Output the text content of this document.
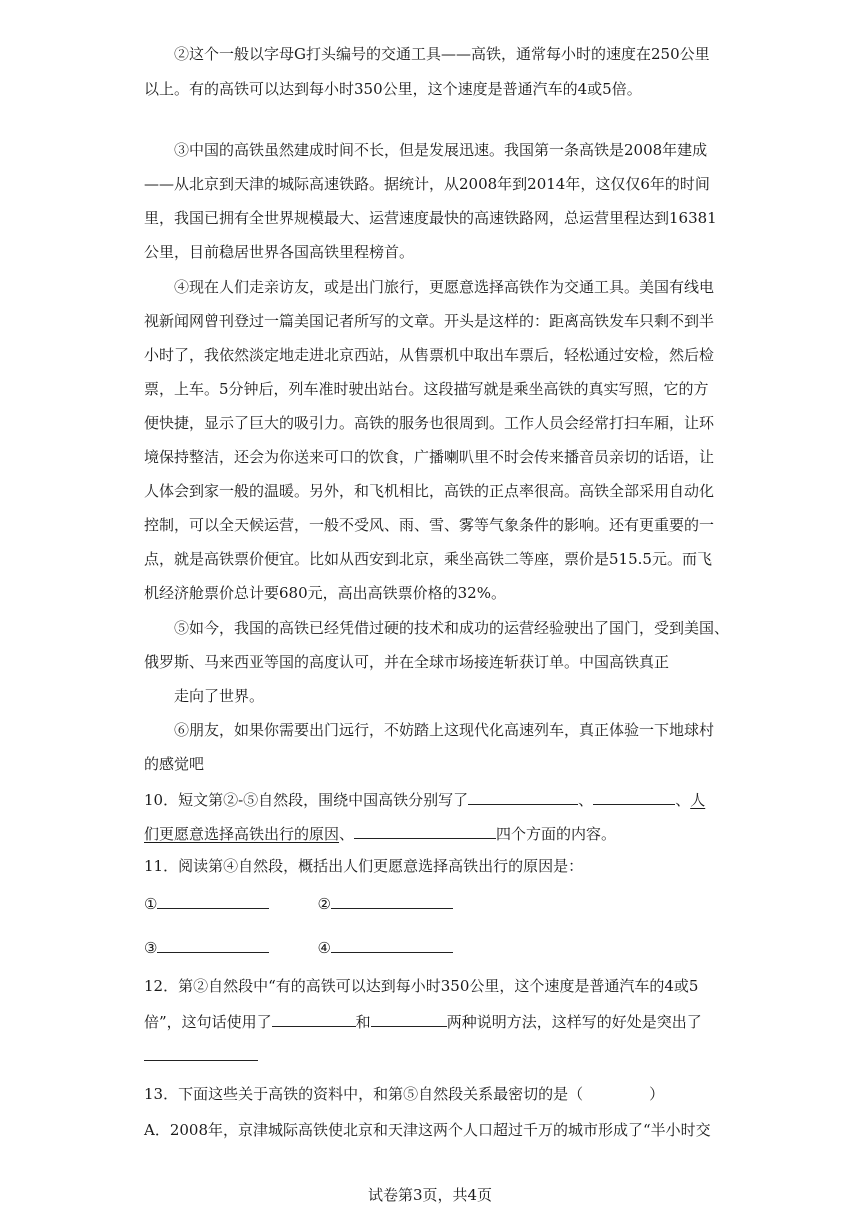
②这个一般以字母G打头编号的交通工具——高铁，通常每小时的速度在250公里
以上。有的高铁可以达到每小时350公里，这个速度是普通汽车的4或5倍。
③中国的高铁虽然建成时间不长，但是发展迅速。我国第一条高铁是2008年建成
——从北京到天津的城际高速铁路。据统计，从2008年到2014年，这仅仅6年的时间
里，我国已拥有全世界规模最大、运营速度最快的高速铁路网，总运营里程达到16381
公里，目前稳居世界各国高铁里程榜首。
④现在人们走亲访友，或是出门旅行，更愿意选择高铁作为交通工具。美国有线电
视新闻网曾刊登过一篇美国记者所写的文章。开头是这样的：距离高铁发车只剩不到半
小时了，我依然淡定地走进北京西站，从售票机中取出车票后，轻松通过安检，然后检
票，上车。5分钟后，列车准时驶出站台。这段描写就是乘坐高铁的真实写照，它的方
便快捷，显示了巨大的吸引力。高铁的服务也很周到。工作人员会经常打扫车厢，让环
境保持整洁，还会为你送来可口的饮食，广播喇叭里不时会传来播音员亲切的话语，让
人体会到家一般的温暖。另外，和飞机相比，高铁的正点率很高。高铁全部采用自动化
控制，可以全天候运营，一般不受风、雨、雪、雾等气象条件的影响。还有更重要的一
点，就是高铁票价便宜。比如从西安到北京，乘坐高铁二等座，票价是515.5元。而飞
机经济舱票价总计要680元，高出高铁票价格的32%。
⑤如今，我国的高铁已经凭借过硬的技术和成功的运营经验驶出了国门，受到美国、
俄罗斯、马来西亚等国的高度认可，并在全球市场接连斩获订单。中国高铁真正
走向了世界。
⑥朋友，如果你需要出门远行，不妨踏上这现代化高速列车，真正体验一下地球村
的感觉吧
10．短文第②-⑤自然段，围绕中国高铁分别写了	、	、人
们更愿意选择高铁出行的原因、	四个方面的内容。
11．阅读第④自然段，概括出人们更愿意选择高铁出行的原因是：
①	②
③	④
12．第②自然段中“有的高铁可以达到每小时350公里，这个速度是普通汽车的4或5
倍”，这句话使用了	和	两种说明方法，这样写的好处是突出了
13．下面这些关于高铁的资料中，和第⑤自然段关系最密切的是（	）
A．2008年，京津城际高铁使北京和天津这两个人口超过千万的城市形成了“半小时交
试卷第3页，共4页
